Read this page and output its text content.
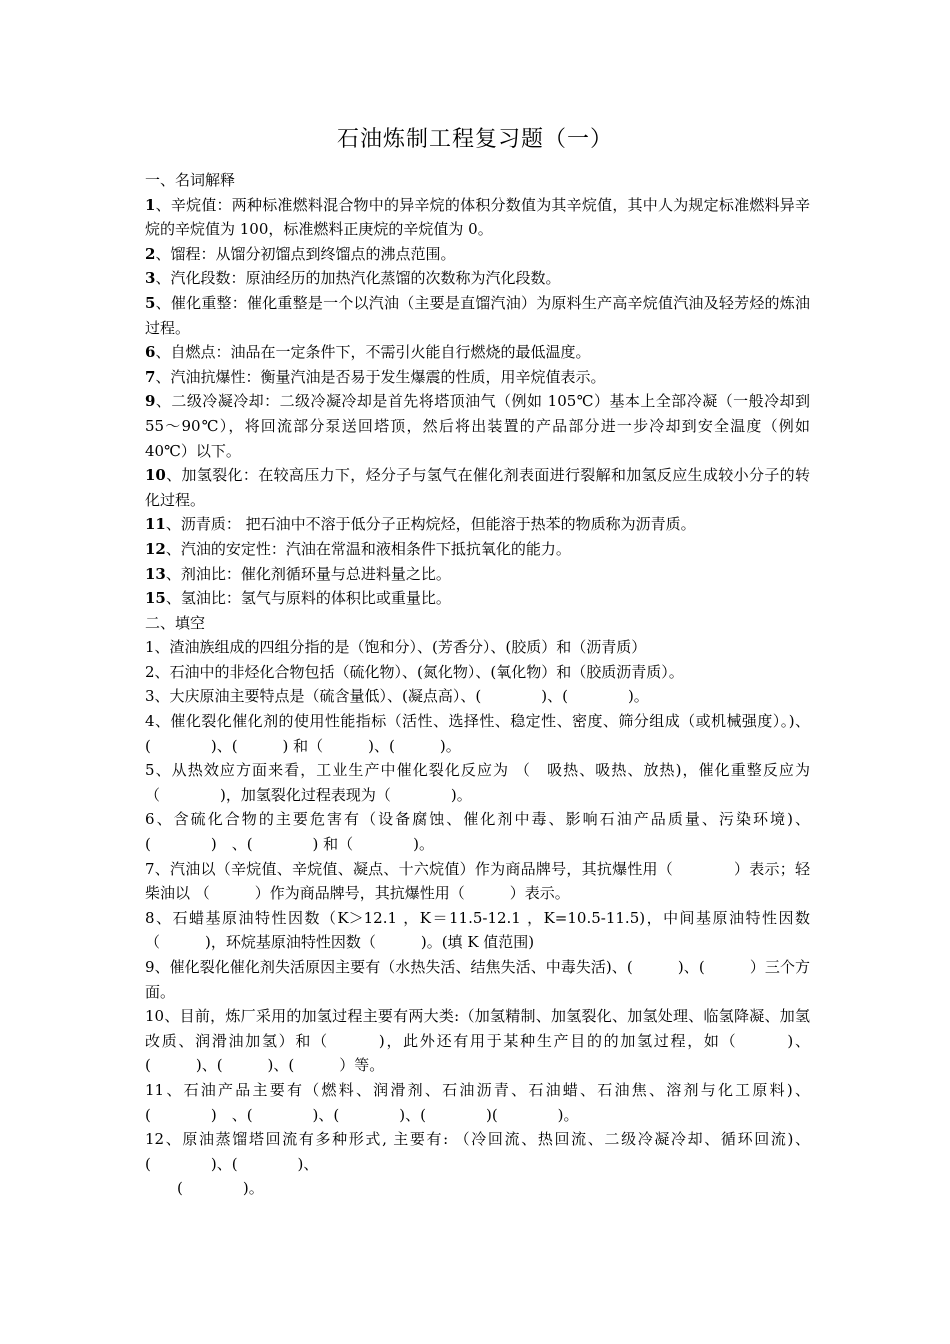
石油炼制工程复习题（一）
一、名词解释
1、辛烷值：两种标准燃料混合物中的异辛烷的体积分数值为其辛烷值，其中人为规定标准燃料异辛烷的辛烷值为 100，标准燃料正庚烷的辛烷值为 0。
2、馏程：从馏分初馏点到终馏点的沸点范围。
3、汽化段数：原油经历的加热汽化蒸馏的次数称为汽化段数。
5、催化重整：催化重整是一个以汽油（主要是直馏汽油）为原料生产高辛烷值汽油及轻芳烃的炼油过程。
6、自燃点：油品在一定条件下，不需引火能自行燃烧的最低温度。
7、汽油抗爆性：衡量汽油是否易于发生爆震的性质，用辛烷值表示。
9、二级冷凝冷却：二级冷凝冷却是首先将塔顶油气（例如 105℃）基本上全部冷凝（一般冷却到 55～90℃），将回流部分泵送回塔顶，然后将出装置的产品部分进一步冷却到安全温度（例如 40℃）以下。
10、加氢裂化：在较高压力下，烃分子与氢气在催化剂表面进行裂解和加氢反应生成较小分子的转化过程。
11、沥青质： 把石油中不溶于低分子正构烷烃，但能溶于热苯的物质称为沥青质。
12、汽油的安定性：汽油在常温和液相条件下抵抗氧化的能力。
13、剂油比：催化剂循环量与总进料量之比。
15、氢油比：氢气与原料的体积比或重量比。
二、填空
1、渣油族组成的四组分指的是（饱和分）、(芳香分）、(胶质）和（沥青质）
2、石油中的非烃化合物包括（硫化物）、(氮化物）、(氧化物）和（胶质沥青质）。
3、大庆原油主要特点是（硫含量低）、(凝点高）、(　　　　)、(　　　　)。
4、催化裂化催化剂的使用性能指标（活性、选择性、稳定性、密度、筛分组成（或机械强度）。)、(　　　　)、(　　　) 和（　　　)、(　　　)。
5、从热效应方面来看，工业生产中催化裂化反应为 （　吸热、吸热、放热)，催化重整反应为（　　　　)，加氢裂化过程表现为（　　　　)。
6、含硫化合物的主要危害有（设备腐蚀、催化剂中毒、影响石油产品质量、污染环境)、(　　　　)　、(　　　　) 和（　　　　)。
7、汽油以（辛烷值、辛烷值、凝点、十六烷值）作为商品牌号，其抗爆性用（　　　　）表示；轻柴油以 （　　　）作为商品牌号，其抗爆性用（　　　）表示。
8、石蜡基原油特性因数（K＞12.1 ，K＝11.5-12.1 ，K=10.5-11.5)，中间基原油特性因数（　　　)，环烷基原油特性因数（　　　)。(填 K 值范围)
9、催化裂化催化剂失活原因主要有（水热失活、结焦失活、中毒失活)、(　　　)、(　　　）三个方面。
10、目前，炼厂采用的加氢过程主要有两大类:（加氢精制、加氢裂化、加氢处理、临氢降凝、加氢改质、润滑油加氢）和（　　　)，此外还有用于某种生产目的的加氢过程，如（　　　)、(　　　)、(　　　)、(　　　）等。
11、石油产品主要有（燃料、润滑剂、石油沥青、石油蜡、石油焦、溶剂与化工原料)、(　　　　)　、(　　　　)、(　　　　)、(　　　　)(　　　　)。
12、原油蒸馏塔回流有多种形式, 主要有: （冷回流、热回流、二级冷凝冷却、循环回流)、(　　　　)、(　　　　)、
(　　　　)。
